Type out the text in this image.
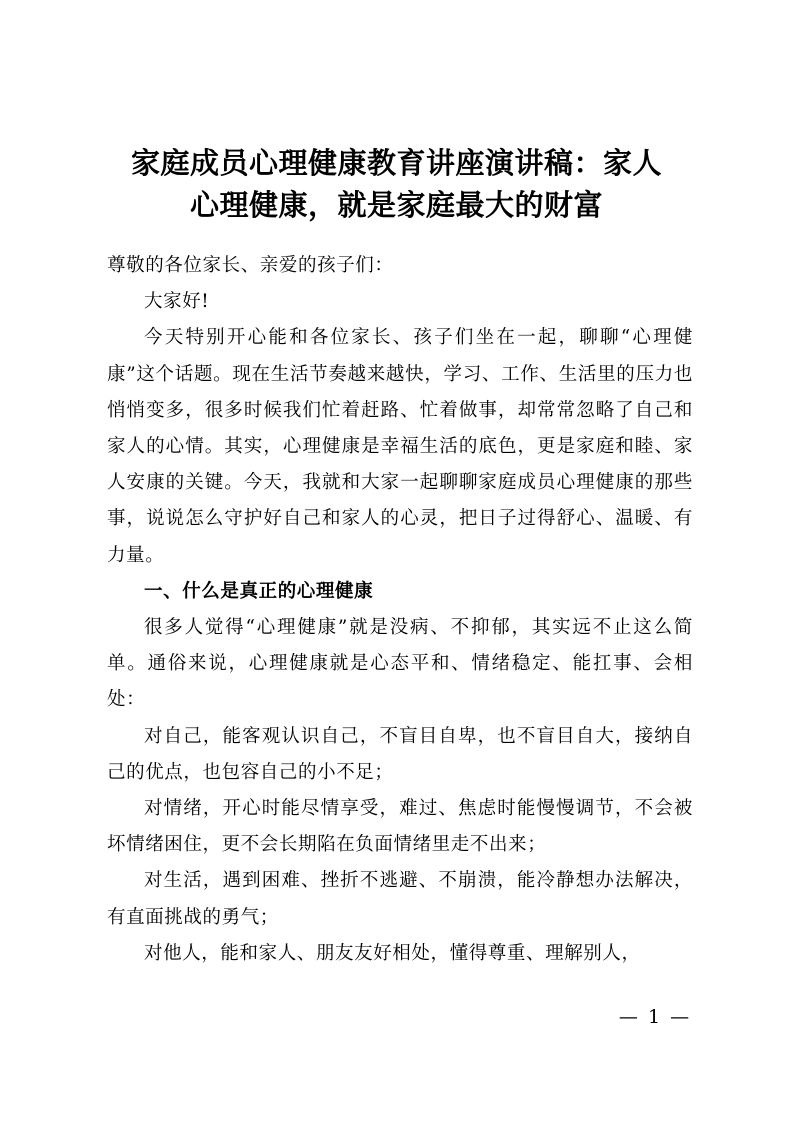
家庭成员心理健康教育讲座演讲稿：家人
心理健康，就是家庭最大的财富

尊敬的各位家长、亲爱的孩子们：

大家好!

今天特别开心能和各位家长、孩子们坐在一起，聊聊“心理健康”这个话题。现在生活节奏越来越快，学习、工作、生活里的压力也悄悄变多，很多时候我们忙着赶路、忙着做事，却常常忽略了自己和家人的心情。其实，心理健康是幸福生活的底色，更是家庭和睦、家人安康的关键。今天，我就和大家一起聊聊家庭成员心理健康的那些事，说说怎么守护好自己和家人的心灵，把日子过得舒心、温暖、有力量。

一、什么是真正的心理健康

很多人觉得“心理健康”就是没病、不抑郁，其实远不止这么简单。通俗来说，心理健康就是心态平和、情绪稳定、能扛事、会相处：

对自己，能客观认识自己，不盲目自卑，也不盲目自大，接纳自己的优点，也包容自己的小不足；

对情绪，开心时能尽情享受，难过、焦虑时能慢慢调节，不会被坏情绪困住，更不会长期陷在负面情绪里走不出来；

对生活，遇到困难、挫折不逃避、不崩溃，能冷静想办法解决，有直面挑战的勇气；

对他人，能和家人、朋友友好相处，懂得尊重、理解别人，

— 1 —
